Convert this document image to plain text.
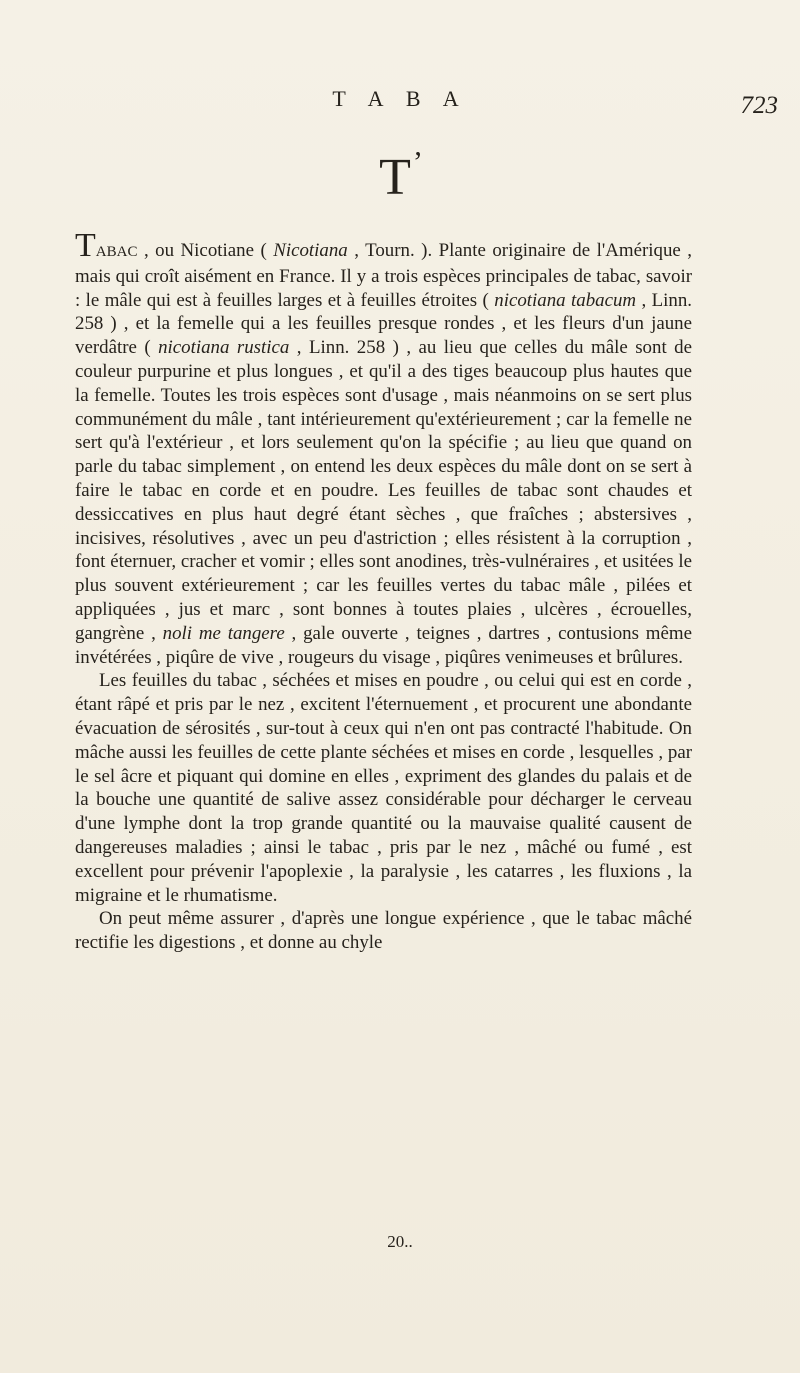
T A B A	723
$T^ʼ$

TABAC , ou Nicotiane ( Nicotiana , Tourn. ). Plante originaire de l'Amérique , mais qui croît aisément en France. Il y a trois espèces principales de tabac, savoir : le mâle qui est à feuilles larges et à feuilles étroites ( nicotiana tabacum , Linn. 258 ) , et la femelle qui a les feuilles presque rondes , et les fleurs d'un jaune verdâtre ( nicotiana rustica , Linn. 258 ) , au lieu que celles du mâle sont de couleur purpurine et plus longues , et qu'il a des tiges beaucoup plus hautes que la femelle. Toutes les trois espèces sont d'usage , mais néanmoins on se sert plus communément du mâle , tant intérieurement qu'extérieurement ; car la femelle ne sert qu'à l'extérieur , et lors seulement qu'on la spécifie ; au lieu que quand on parle du tabac simplement , on entend les deux espèces du mâle dont on se sert à faire le tabac en corde et en poudre. Les feuilles de tabac sont chaudes et dessiccatives en plus haut degré étant sèches , que fraîches ; abstersives , incisives, résolutives , avec un peu d'astriction ; elles résistent à la corruption , font éternuer, cracher et vomir ; elles sont anodines, très-vulnéraires , et usitées le plus souvent extérieurement ; car les feuilles vertes du tabac mâle , pilées et appliquées , jus et marc , sont bonnes à toutes plaies , ulcères , écrouelles, gangrène , noli me tangere , gale ouverte , teignes , dartres , contusions même invétérées , piqûre de vive , rougeurs du visage , piqûres venimeuses et brûlures.

Les feuilles du tabac , séchées et mises en poudre , ou celui qui est en corde , étant râpé et pris par le nez , excitent l'éternuement , et procurent une abondante évacuation de sérosités , sur-tout à ceux qui n'en ont pas contracté l'habitude. On mâche aussi les feuilles de cette plante séchées et mises en corde , lesquelles , par le sel âcre et piquant qui domine en elles , expriment des glandes du palais et de la bouche une quantité de salive assez considérable pour décharger le cerveau d'une lymphe dont la trop grande quantité ou la mauvaise qualité causent de dangereuses maladies ; ainsi le tabac , pris par le nez , mâché ou fumé , est excellent pour prévenir l'apoplexie , la paralysie , les catarres , les fluxions , la migraine et le rhumatisme.

On peut même assurer , d'après une longue expérience , que le tabac mâché rectifie les digestions , et donne au chyle

20..
